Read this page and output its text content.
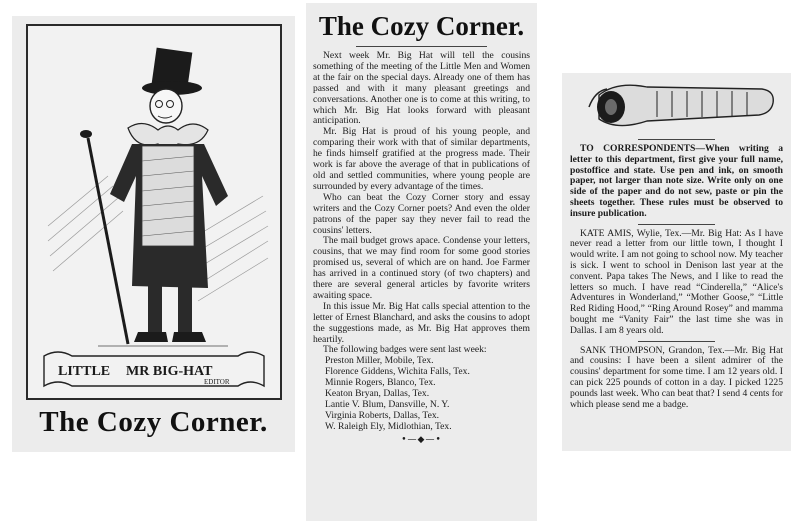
LITTLE MR BIG-HAT
EDITOR
The Cozy Corner.
The Cozy Corner.

Next week Mr. Big Hat will tell the cousins something of the meeting of the Little Men and Women at the fair on the special days. Already one of them has passed and with it many pleasant greetings and conversations. Another one is to come at this writing, to which Mr. Big Hat looks forward with pleasant anticipation.

Mr. Big Hat is proud of his young people, and comparing their work with that of similar departments, he finds himself gratified at the progress made. Their work is far above the average of that in publications of old and settled communities, where young people are surrounded by every advantage of the times.

Who can beat the Cozy Corner story and essay writers and the Cozy Corner poets? And even the older patrons of the paper say they never fail to read the cousins' letters.

The mail budget grows apace. Condense your letters, cousins, that we may find room for some good stories promised us, several of which are on hand. Joe Farmer has arrived in a continued story (of two chapters) and there are several general articles by favorite writers awaiting space.

In this issue Mr. Big Hat calls special attention to the letter of Ernest Blanchard, and asks the cousins to adopt the suggestions made, as Mr. Big Hat approves them heartily.

The following badges were sent last week:

Preston Miller, Mobile, Tex.
Florence Giddens, Wichita Falls, Tex.
Minnie Rogers, Blanco, Tex.
Keaton Bryan, Dallas, Tex.
Lantie V. Blum, Dansville, N. Y.
Virginia Roberts, Dallas, Tex.
W. Raleigh Ely, Midlothian, Tex.
•—◆—•

TO CORRESPONDENTS—When writing a letter to this department, first give your full name, postoffice and state. Use pen and ink, on smooth paper, not larger than note size. Write only on one side of the paper and do not sew, paste or pin the sheets together. These rules must be observed to insure publication.

KATE AMIS, Wylie, Tex.—Mr. Big Hat: As I have never read a letter from our little town, I thought I would write. I am not going to school now. My teacher is sick. I went to school in Denison last year at the convent. Papa takes The News, and I like to read the letters so much. I have read “Cinderella,” “Alice's Adventures in Wonderland,” “Mother Goose,” “Little Red Riding Hood,” “Ring Around Rosey” and mamma bought me “Vanity Fair” the last time she was in Dallas. I am 8 years old.

SANK THOMPSON, Grandon, Tex.—Mr. Big Hat and cousins: I have been a silent admirer of the cousins' department for some time. I am 12 years old. I can pick 225 pounds of cotton in a day. I picked 1225 pounds last week. Who can beat that? I send 4 cents for which please send me a badge.
